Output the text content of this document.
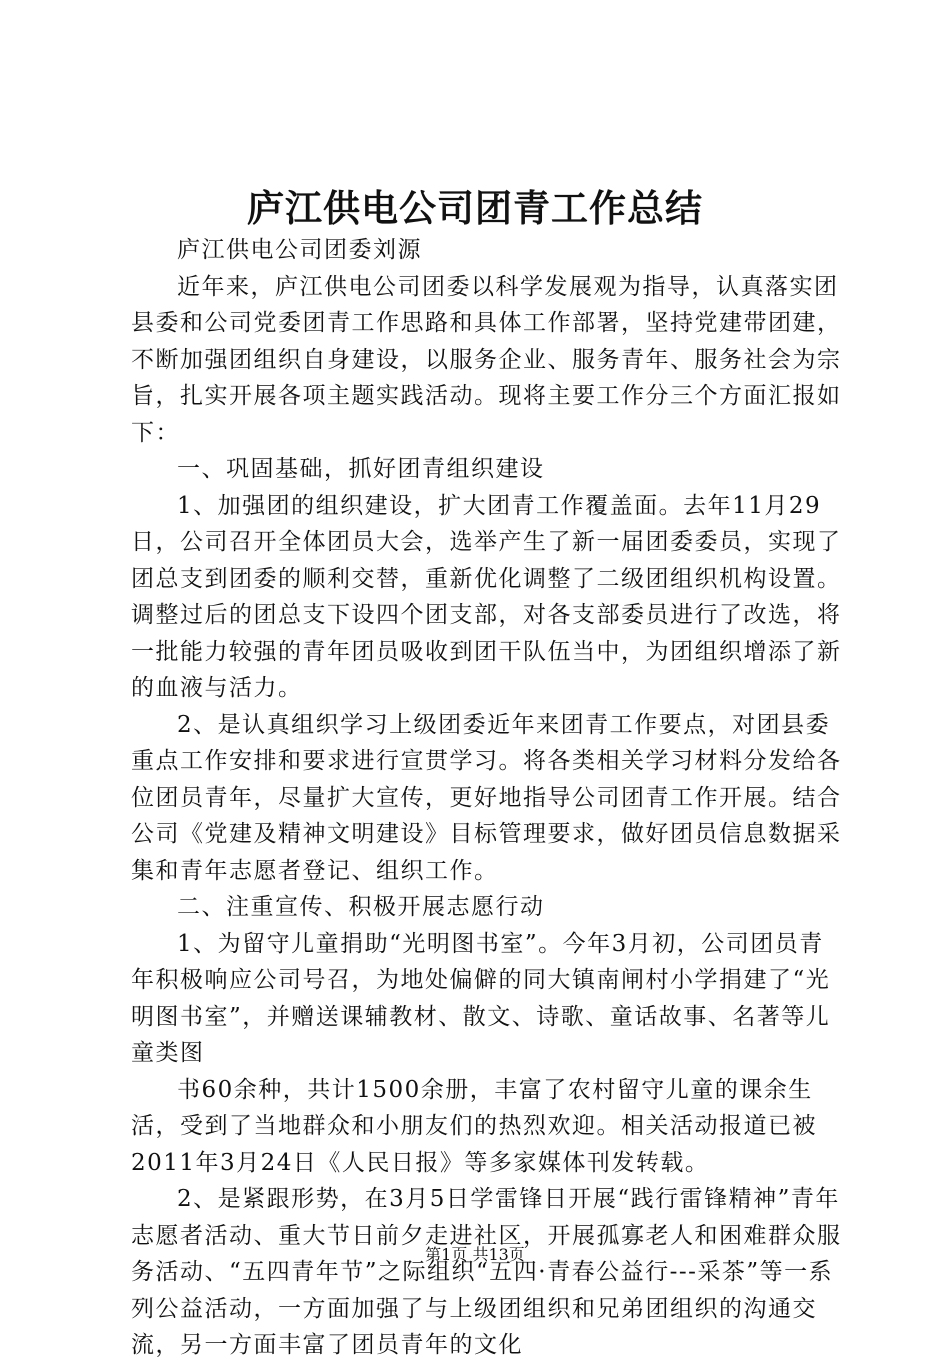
庐江供电公司团青工作总结

庐江供电公司团委刘源

近年来，庐江供电公司团委以科学发展观为指导，认真落实团县委和公司党委团青工作思路和具体工作部署，坚持党建带团建，不断加强团组织自身建设，以服务企业、服务青年、服务社会为宗旨，扎实开展各项主题实践活动。现将主要工作分三个方面汇报如下：

一、巩固基础，抓好团青组织建设

1、加强团的组织建设，扩大团青工作覆盖面。去年11月29日，公司召开全体团员大会，选举产生了新一届团委委员，实现了团总支到团委的顺利交替，重新优化调整了二级团组织机构设置。调整过后的团总支下设四个团支部，对各支部委员进行了改选，将一批能力较强的青年团员吸收到团干队伍当中，为团组织增添了新的血液与活力。

2、是认真组织学习上级团委近年来团青工作要点，对团县委重点工作安排和要求进行宣贯学习。将各类相关学习材料分发给各位团员青年，尽量扩大宣传，更好地指导公司团青工作开展。结合公司《党建及精神文明建设》目标管理要求，做好团员信息数据采集和青年志愿者登记、组织工作。

二、注重宣传、积极开展志愿行动

1、为留守儿童捐助“光明图书室”。今年3月初，公司团员青年积极响应公司号召，为地处偏僻的同大镇南闸村小学捐建了“光明图书室”，并赠送课辅教材、散文、诗歌、童话故事、名著等儿童类图

书60余种，共计1500余册，丰富了农村留守儿童的课余生活，受到了当地群众和小朋友们的热烈欢迎。相关活动报道已被2011年3月24日《人民日报》等多家媒体刊发转载。

2、是紧跟形势，在3月5日学雷锋日开展“践行雷锋精神”青年志愿者活动、重大节日前夕走进社区，开展孤寡老人和困难群众服务活动、“五四青年节”之际组织“五四·青春公益行---采茶”等一系列公益活动，一方面加强了与上级团组织和兄弟团组织的沟通交流，另一方面丰富了团员青年的文化

第1页 共13页
